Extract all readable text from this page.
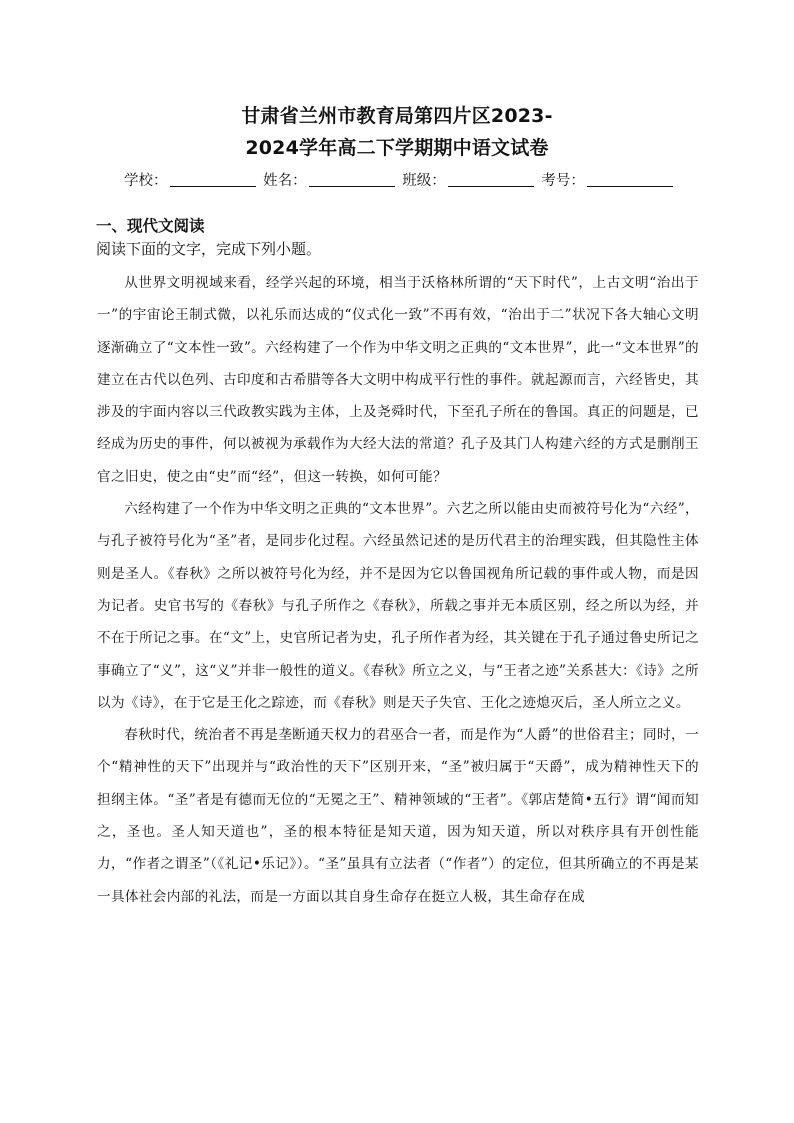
甘肃省兰州市教育局第四片区2023-
2024学年高二下学期期中语文试卷
学校：	姓名：	班级：	考号：
一、现代文阅读
阅读下面的文字，完成下列小题。

从世界文明视域来看，经学兴起的环境，相当于沃格林所谓的“天下时代”，上古文明“治出于一”的宇宙论王制式微，以礼乐而达成的“仪式化一致”不再有效，“治出于二”状况下各大轴心文明逐渐确立了“文本性一致”。六经构建了一个作为中华文明之正典的“文本世界”，此一“文本世界”的建立在古代以色列、古印度和古希腊等各大文明中构成平行性的事件。就起源而言，六经皆史，其涉及的宇面内容以三代政教实践为主体，上及尧舜时代，下至孔子所在的鲁国。真正的问题是，已经成为历史的事件，何以被视为承载作为大经大法的常道？孔子及其门人构建六经的方式是删削王官之旧史，使之由“史”而“经”，但这一转换，如何可能？

六经构建了一个作为中华文明之正典的“文本世界”。六艺之所以能由史而被符号化为“六经”，与孔子被符号化为“圣”者，是同步化过程。六经虽然记述的是历代君主的治理实践，但其隐性主体则是圣人。《春秋》之所以被符号化为经，并不是因为它以鲁国视角所记载的事件或人物，而是因为记者。史官书写的《春秋》与孔子所作之《春秋》，所载之事并无本质区别，经之所以为经，并不在于所记之事。在“文”上，史官所记者为史，孔子所作者为经，其关键在于孔子通过鲁史所记之事确立了“义”，这“义”并非一般性的道义。《春秋》所立之义，与“王者之迹”关系甚大：《诗》之所以为《诗》，在于它是王化之踪迹，而《春秋》则是天子失官、王化之迹熄灭后，圣人所立之义。

春秋时代，统治者不再是垄断通天权力的君巫合一者，而是作为“人爵”的世俗君主；同时，一个“精神性的天下”出现并与“政治性的天下”区别开来，“圣”被归属于“天爵”，成为精神性天下的担纲主体。“圣”者是有德而无位的“无冕之王”、精神领域的“王者”。《郭店楚简•五行》谓“闻而知之，圣也。圣人知天道也”，圣的根本特征是知天道，因为知天道，所以对秩序具有开创性能力，“作者之谓圣”（《礼记•乐记》）。“圣”虽具有立法者（“作者”）的定位，但其所确立的不再是某一具体社会内部的礼法，而是一方面以其自身生命存在挺立人极，其生命存在成
